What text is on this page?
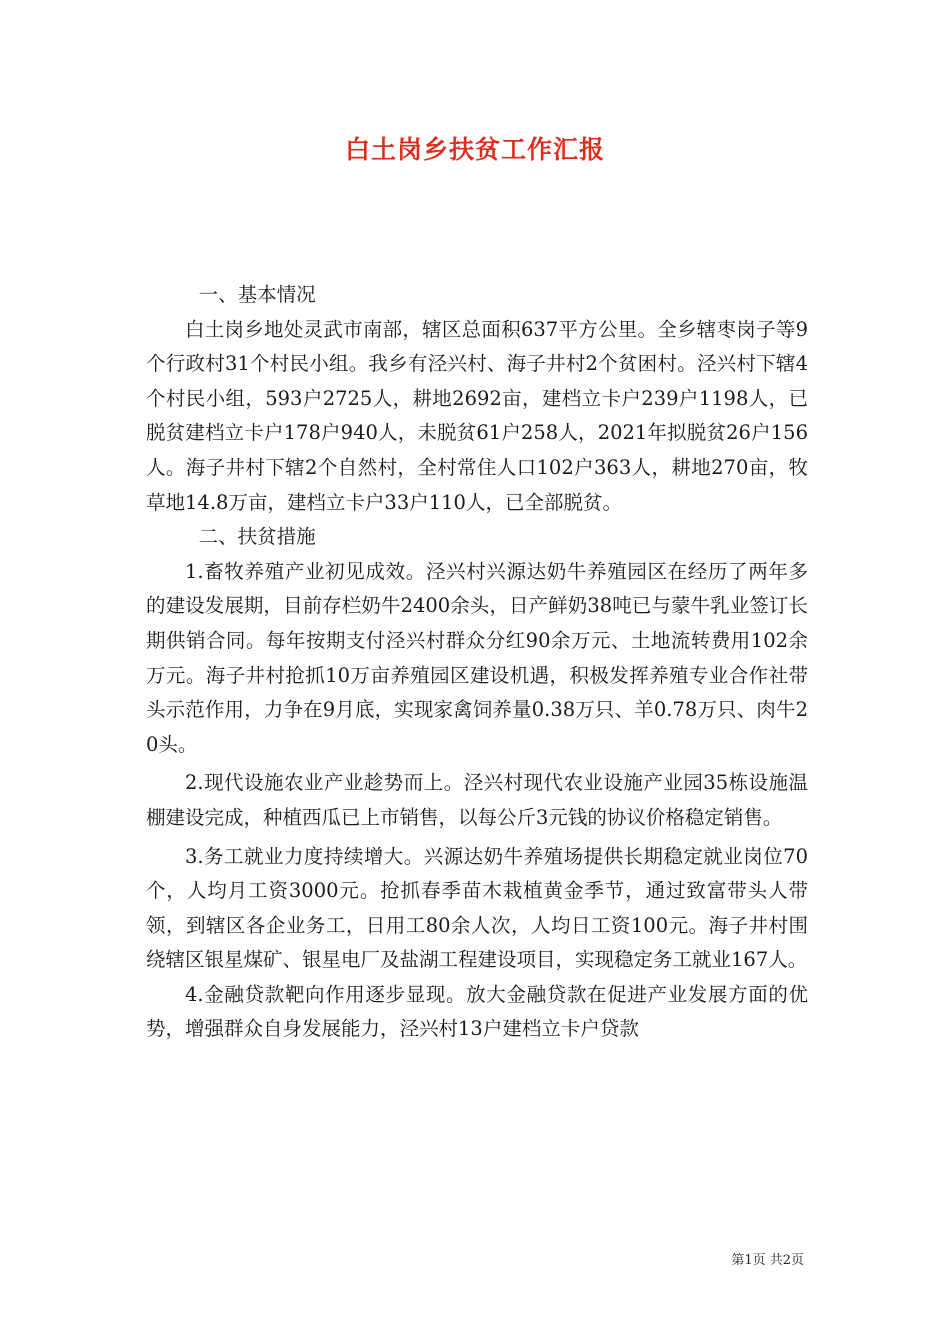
白土岗乡扶贫工作汇报

一、基本情况

白土岗乡地处灵武市南部，辖区总面积637平方公里。全乡辖枣岗子等9个行政村31个村民小组。我乡有泾兴村、海子井村2个贫困村。泾兴村下辖4个村民小组，593户2725人，耕地2692亩，建档立卡户239户1198人，已脱贫建档立卡户178户940人，未脱贫61户258人，2021年拟脱贫26户156人。海子井村下辖2个自然村，全村常住人口102户363人，耕地270亩，牧草地14.8万亩，建档立卡户33户110人，已全部脱贫。

二、扶贫措施

1.畜牧养殖产业初见成效。泾兴村兴源达奶牛养殖园区在经历了两年多的建设发展期，目前存栏奶牛2400余头，日产鲜奶38吨已与蒙牛乳业签订长期供销合同。每年按期支付泾兴村群众分红90余万元、土地流转费用102余万元。海子井村抢抓10万亩养殖园区建设机遇，积极发挥养殖专业合作社带头示范作用，力争在9月底，实现家禽饲养量0.38万只、羊0.78万只、肉牛20头。

2.现代设施农业产业趁势而上。泾兴村现代农业设施产业园35栋设施温棚建设完成，种植西瓜已上市销售，以每公斤3元钱的协议价格稳定销售。

3.务工就业力度持续增大。兴源达奶牛养殖场提供长期稳定就业岗位70个，人均月工资3000元。抢抓春季苗木栽植黄金季节，通过致富带头人带领，到辖区各企业务工，日用工80余人次，人均日工资100元。海子井村围绕辖区银星煤矿、银星电厂及盐湖工程建设项目，实现稳定务工就业167人。

4.金融贷款靶向作用逐步显现。放大金融贷款在促进产业发展方面的优势，增强群众自身发展能力，泾兴村13户建档立卡户贷款

第1页 共2页
